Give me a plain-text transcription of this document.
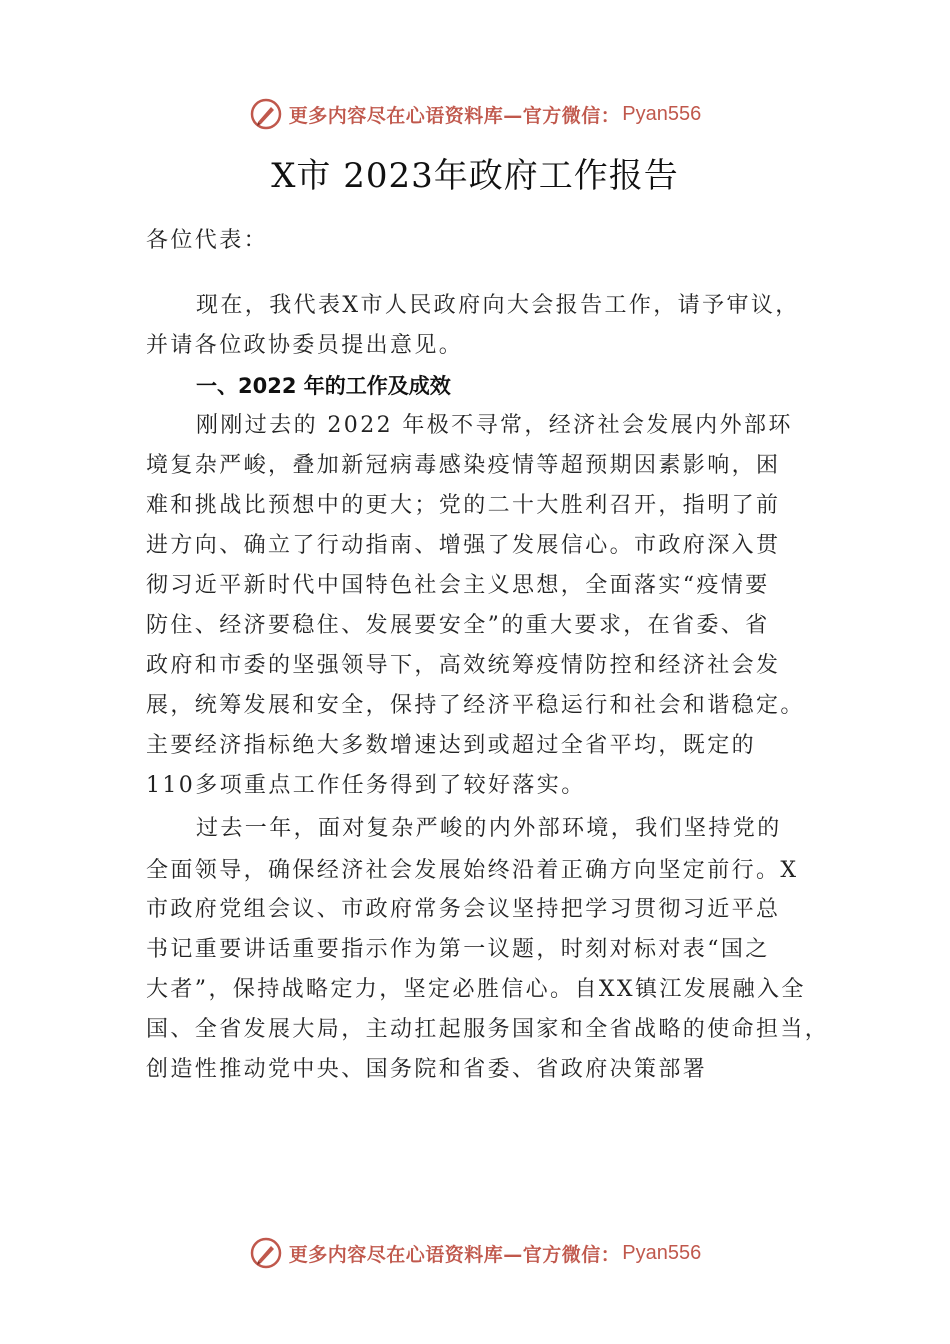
更多内容尽在心语资料库—官方微信： Pyan556
X市 2023年政府工作报告
各位代表：
现在，我代表X市人民政府向大会报告工作，请予审议，
并请各位政协委员提出意见。
一、2022 年的工作及成效
刚刚过去的 2022 年极不寻常，经济社会发展内外部环
境复杂严峻，叠加新冠病毒感染疫情等超预期因素影响，困
难和挑战比预想中的更大；党的二十大胜利召开，指明了前
进方向、确立了行动指南、增强了发展信心。市政府深入贯
彻习近平新时代中国特色社会主义思想，全面落实“疫情要
防住、经济要稳住、发展要安全”的重大要求，在省委、省
政府和市委的坚强领导下，高效统筹疫情防控和经济社会发
展，统筹发展和安全，保持了经济平稳运行和社会和谐稳定。
主要经济指标绝大多数增速达到或超过全省平均，既定的
110多项重点工作任务得到了较好落实。
过去一年，面对复杂严峻的内外部环境，我们坚持党的
全面领导，确保经济社会发展始终沿着正确方向坚定前行。X
市政府党组会议、市政府常务会议坚持把学习贯彻习近平总
书记重要讲话重要指示作为第一议题，时刻对标对表“国之
大者”，保持战略定力，坚定必胜信心。自XX镇江发展融入全
国、全省发展大局，主动扛起服务国家和全省战略的使命担当，
创造性推动党中央、国务院和省委、省政府决策部署
更多内容尽在心语资料库—官方微信： Pyan556
